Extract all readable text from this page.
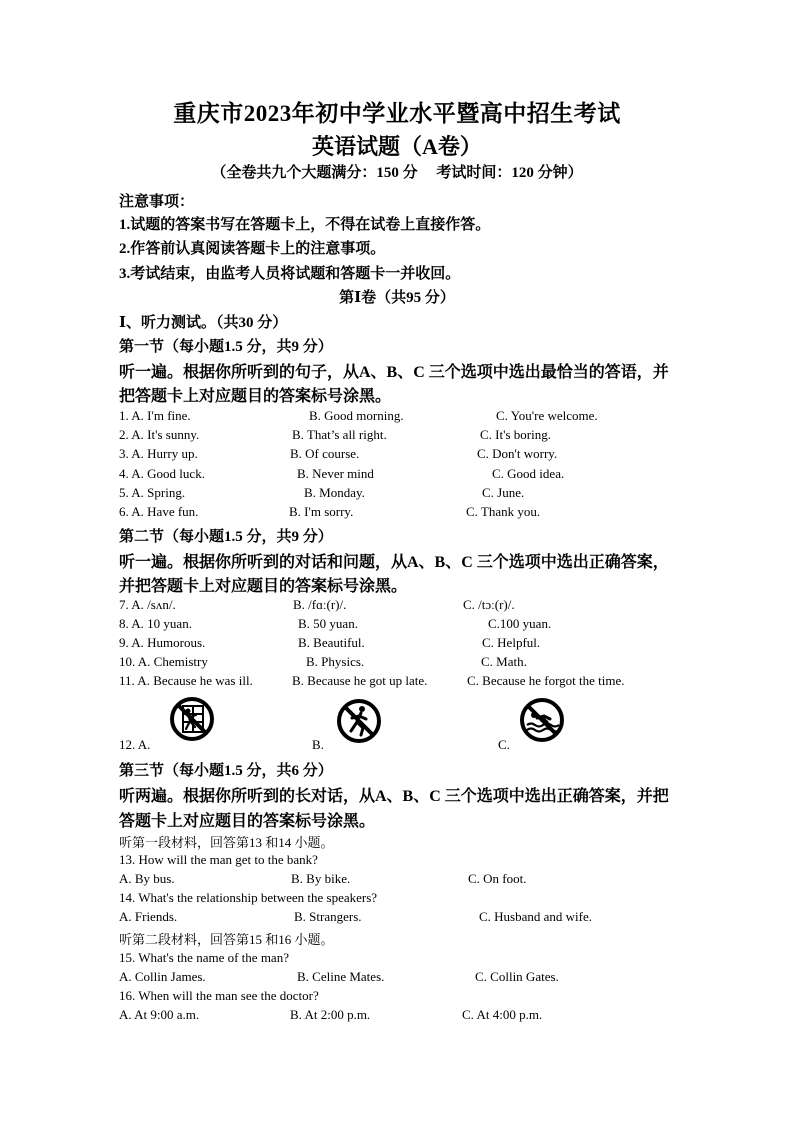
重庆市2023年初中学业水平暨高中招生考试
英语试题（A卷）
（全卷共九个大题满分：150 分　 考试时间：120 分钟）
注意事项：
1.试题的答案书写在答题卡上，不得在试卷上直接作答。
2.作答前认真阅读答题卡上的注意事项。
3.考试结束，由监考人员将试题和答题卡一并收回。
第Ⅰ卷（共95 分）
Ⅰ、听力测试。（共30 分）
第一节（每小题1.5 分，共9 分）
听一遍。根据你所听到的句子，从A、B、C 三个选项中选出最恰当的答语，并
把答题卡上对应题目的答案标号涂黑。
1. A. I'm fine.	B. Good morning.	C. You're welcome.
2. A. It's sunny.	B. That’s all right.	C. It's boring.
3. A. Hurry up.	B. Of course.	C. Don't worry.
4. A. Good luck.	B. Never mind	C. Good idea.
5. A. Spring.	B. Monday.	C. June.
6. A. Have fun.	B. I'm sorry.	C. Thank you.
第二节（每小题1.5 分，共9 分）
听一遍。根据你所听到的对话和问题，从A、B、C 三个选项中选出正确答案，
并把答题卡上对应题目的答案标号涂黑。
7. A. /sʌn/.	B. /fɑː(r)/.	C. /tɔː(r)/.
8. A. 10 yuan.	B. 50 yuan.	C.100 yuan.
9. A. Humorous.	B. Beautiful.	C. Helpful.
10. A. Chemistry	B. Physics.	C. Math.
11. A. Because he was ill.	B. Because he got up late.	C. Because he forgot the time.
12. A.	B.	C.
第三节（每小题1.5 分，共6 分）
听两遍。根据你所听到的长对话，从A、B、C 三个选项中选出正确答案，并把
答题卡上对应题目的答案标号涂黑。
听第一段材料，回答第13 和14 小题。
13. How will the man get to the bank?
A. By bus.	B. By bike.	C. On foot.
14. What's the relationship between the speakers?
A. Friends.	B. Strangers.	C. Husband and wife.
听第二段材料，回答第15 和16 小题。
15. What's the name of the man?
A. Collin James.	B. Celine Mates.	C. Collin Gates.
16. When will the man see the doctor?
A. At 9:00 a.m.	B. At 2:00 p.m.	C. At 4:00 p.m.
